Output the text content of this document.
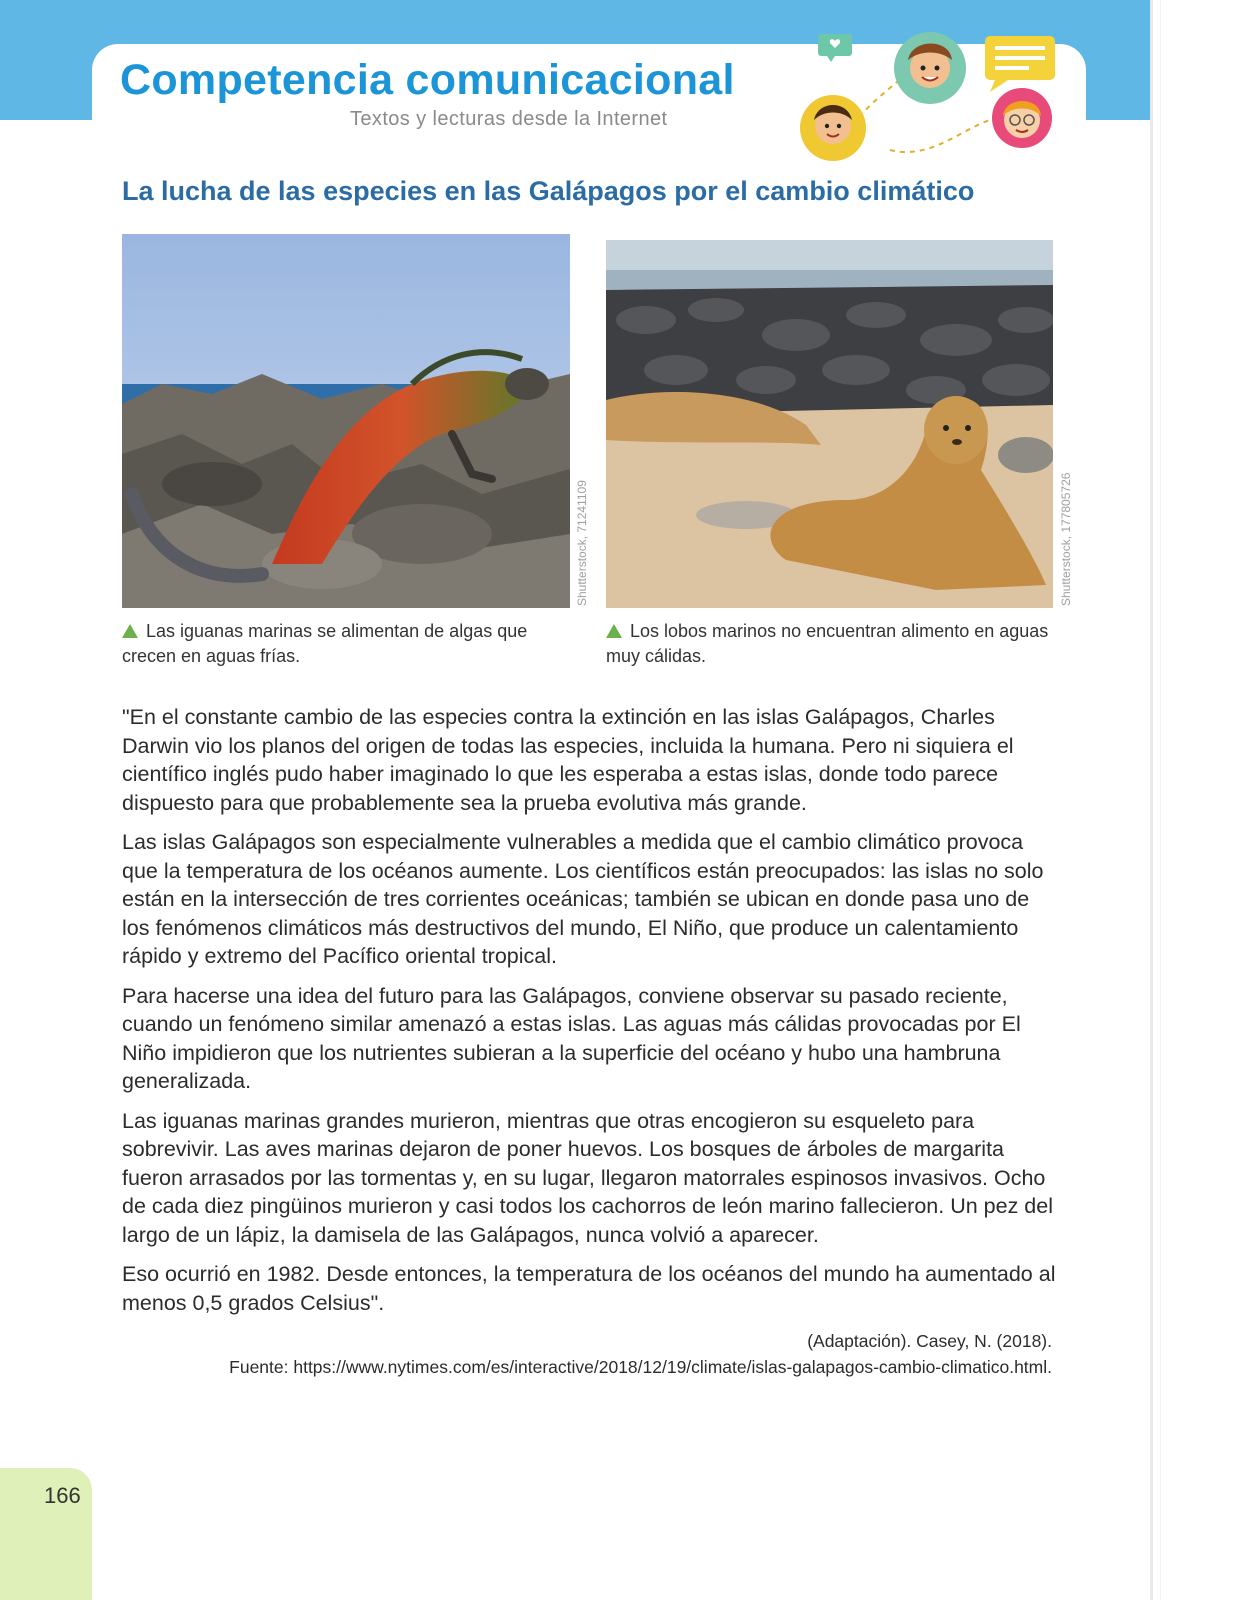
Competencia comunicacional
Textos y lecturas desde la Internet
La lucha de las especies en las Galápagos por el cambio climático
Shutterstock, 71241109	Shutterstock, 177805726
Las iguanas marinas se alimentan de algas que crecen en aguas frías.
Los lobos marinos no encuentran alimento en aguas muy cálidas.

"En el constante cambio de las especies contra la extinción en las islas Galápagos, Charles Darwin vio los planos del origen de todas las especies, incluida la humana. Pero ni siquiera el científico inglés pudo haber imaginado lo que les esperaba a estas islas, donde todo parece dispuesto para que probablemente sea la prueba evolutiva más grande.

Las islas Galápagos son especialmente vulnerables a medida que el cambio climático provoca que la temperatura de los océanos aumente. Los científicos están preocupados: las islas no solo están en la intersección de tres corrientes oceánicas; también se ubican en donde pasa uno de los fenómenos climáticos más destructivos del mundo, El Niño, que produce un calentamiento rápido y extremo del Pacífico oriental tropical.

Para hacerse una idea del futuro para las Galápagos, conviene observar su pasado reciente, cuando un fenómeno similar amenazó a estas islas. Las aguas más cálidas provocadas por El Niño impidieron que los nutrientes subieran a la superficie del océano y hubo una hambruna generalizada.

Las iguanas marinas grandes murieron, mientras que otras encogieron su esqueleto para sobrevivir. Las aves marinas dejaron de poner huevos. Los bosques de árboles de margarita fueron arrasados por las tormentas y, en su lugar, llegaron matorrales espinosos invasivos. Ocho de cada diez pingüinos murieron y casi todos los cachorros de león marino fallecieron. Un pez del largo de un lápiz, la damisela de las Galápagos, nunca volvió a aparecer.

Eso ocurrió en 1982. Desde entonces, la temperatura de los océanos del mundo ha aumentado al menos 0,5 grados Celsius".

(Adaptación). Casey, N. (2018).
Fuente: https://www.nytimes.com/es/interactive/2018/12/19/climate/islas-galapagos-cambio-climatico.html.
166
